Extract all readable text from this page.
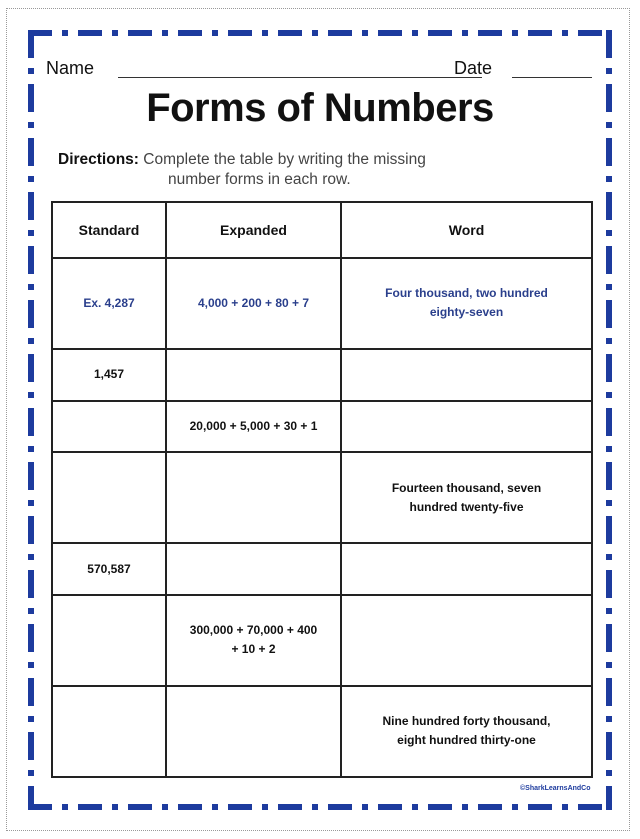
Name	Date
Forms of Numbers
Directions: Complete the table by writing the missing
number forms in each row.
Standard	Expanded	Word
Ex. 4,287	4,000 + 200 + 80 + 7	Four thousand, two hundred
eighty-seven
1,457		
	20,000 + 5,000 + 30 + 1	
		Fourteen thousand, seven
hundred twenty-five
570,587		
	300,000 + 70,000 + 400
+ 10 + 2	
		Nine hundred forty thousand,
eight hundred thirty-one
©SharkLearnsAndCo
